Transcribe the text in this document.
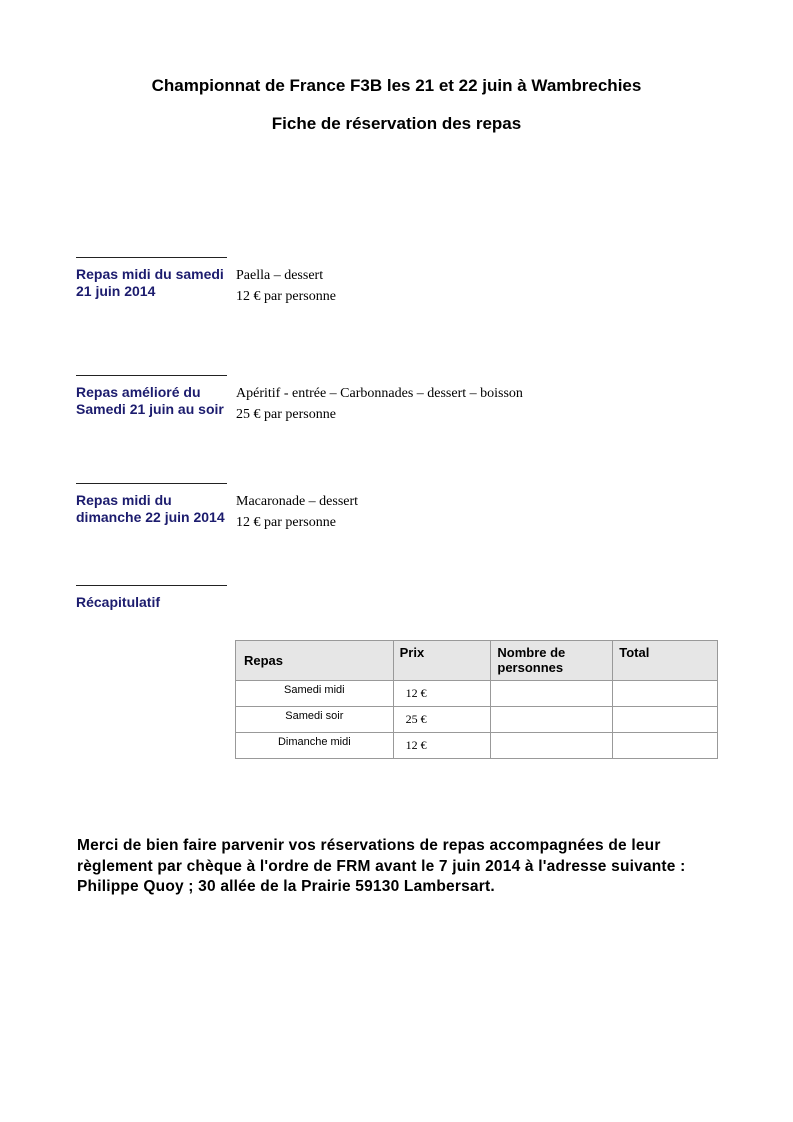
Championnat de France F3B les 21 et 22 juin à Wambrechies
Fiche de réservation des repas
Repas midi du samedi 21 juin 2014
Paella – dessert
12 € par personne
Repas amélioré du Samedi 21 juin au soir
Apéritif - entrée – Carbonnades – dessert – boisson
25 € par personne
Repas midi du dimanche 22 juin 2014
Macaronade – dessert
12 € par personne
Récapitulatif
Repas	Prix	Nombre de personnes	Total
Samedi midi	12 €		
Samedi soir	25 €		
Dimanche midi	12 €		
Merci de bien faire parvenir vos réservations de repas accompagnées de leur règlement par chèque à l'ordre de FRM avant le 7 juin 2014 à l'adresse suivante :
Philippe Quoy ; 30 allée de la Prairie 59130 Lambersart.
